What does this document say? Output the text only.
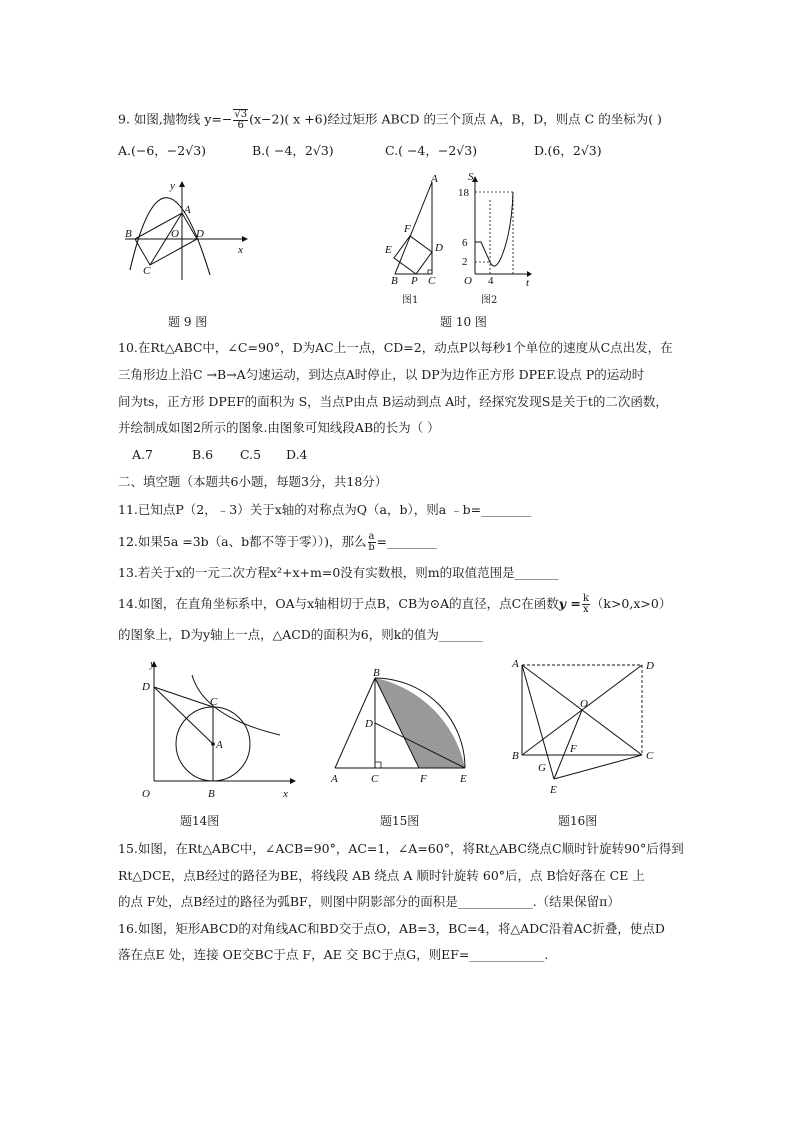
9. 如图,抛物线 $y=- \frac{√3}{6} (x-2)$( x +6)经过矩形 ABCD 的三个顶点 A，B，D，则点 C 的坐标为( )
A.(−6，−2√3)	B.( −4，2√3)	C.( −4，−2√3)	D.(6，2√3)
y
x
A
B	O D
C
题 9 图
A
F
E	D
B P C
S
18
6
2
O 4	t
图1	图2
题 10 图
10.在Rt△ABC中，∠C=90°，D为AC上一点，CD=2，动点P以每秒1个单位的速度从C点出发，在
三角形边上沿C →B→A匀速运动，到达点A时停止，以 DP为边作正方形 DPEF.设点 P的运动时
间为ts，正方形 DPEF的面积为 S，当点P由点 B运动到点 A时，经探究发现S是关于t的二次函数，
并绘制成如图2所示的图象.由图象可知线段AB的长为（ ）
A.7	B.6 C.5 D.4
二、填空题（本题共6小题，每题3分，共18分）
11.已知点P（2，﹣3）关于x轴的对称点为Q（a，b），则a ﹣b=________
12.如果5a =3b（a、b都不等于零））)，那么 $\frac{a}{b}$ =________
13.若关于x的一元二次方程x²+x+m=0没有实数根，则m的取值范围是_______
14.如图，在直角坐标系中，OA与x轴相切于点B，CB为⊙A的直径，点C在函数$y = \frac{k}{x} (k>0,x>0)$
的图象上，D为y轴上一点，△ACD的面积为6，则k的值为_______
y
D
C
A
O	B	x
题14图
B
D
A	C	F	E
题15图
A	D
O
B
F
C
G
E
题16图
15.如图，在Rt△ABC中，∠ACB=90°，AC=1，∠A=60°，将Rt△ABC绕点C顺时针旋转90°后得到
Rt△DCE，点B经过的路径为BE，将线段 AB 绕点 A 顺时针旋转 60°后，点 B恰好落在 CE 上
的点 F处，点B经过的路径为弧BF，则图中阴影部分的面积是____________.（结果保留π）
16.如图，矩形ABCD的对角线AC和BD交于点O，AB=3，BC=4，将△ADC沿着AC折叠，使点D
落在点E 处，连接 OE交BC于点 F，AE 交 BC于点G，则EF=____________.
